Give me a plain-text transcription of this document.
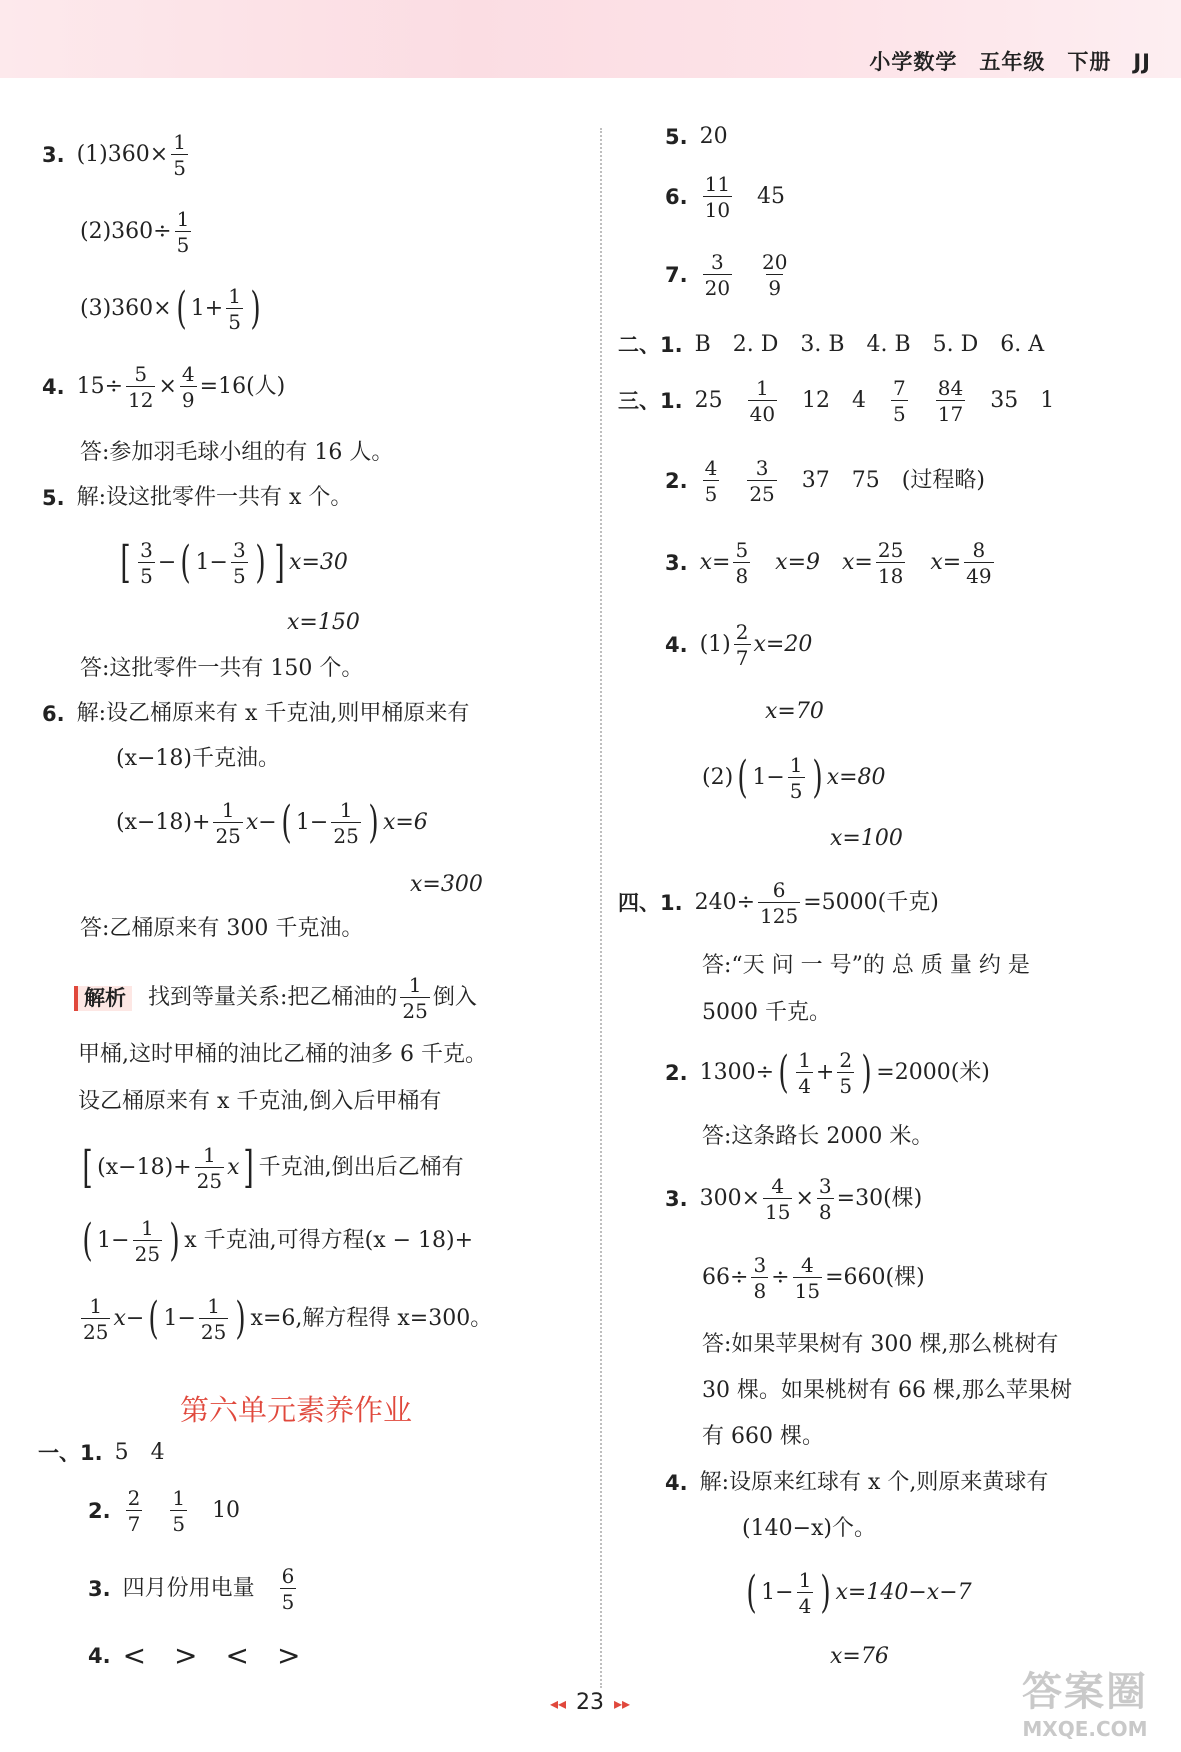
小学数学 五年级 下册 JJ
3. $(1)360\times \frac{1}{5}$
$(2)360\div \frac{1}{5}$
(3)360× ( $1+ \frac{1}{5}$ )
4. $15\div \frac{5}{12} \times \frac{4}{9} =16$(人)
答:参加羽毛球小组的有 16 人。
5. 解:设这批零件一共有 x 个。
[ 3
5
− ( $1- \frac{3}{5}$ ) ] x=30
x=150
答:这批零件一共有 150 个。
6. 解:设乙桶原来有 x 千克油,则甲桶原来有
(x−18)千克油。
$(x-18)+ \frac{1}{25} x-$ ( $1- \frac{1}{25}$ ) x=6
x=300
答:乙桶原来有 300 千克油。
解析 找到等量关系:把乙桶油的 1
25
倒入
甲桶,这时甲桶的油比乙桶的油多 6 千克。
设乙桶原来有 x 千克油,倒入后甲桶有
[ $(x-18)+ \frac{1}{25}$ x ] 千克油,倒出后乙桶有
( $1- \frac{1}{25}$ ) x 千克油,可得方程(x − 18)+
1
25
x− ( $1- \frac{1}{25}$ ) x=6,解方程得 x=300。
第六单元素养作业
一、1. 5 4
2.
2
7
1
5
10
3. 四月份用电量 6
5
4. <　>　<　>
5. 20
6.
11
10
45
7.
3
20
20
9
二、1. B　2. D　3. B　4. B　5. D　6. A
三、1. 25 1
40
12 4 7
5
84
17
35 1
2.
4
5
3
25
37 75 (过程略)
3. $x= \frac{5}{8} x=9$ $x= \frac{25}{18} x= \frac{8}{49}$
4. (1) 2
7
x=20
x=70
(2) ( $1- \frac{1}{5}$ ) x=80
x=100
四、1. $240\div \frac{6}{125} =5000$(千克)
答:“天 问 一 号”的 总 质 量 约 是
5000 千克。
2. 1300÷ ( 1
4
+ $\frac{2}{5}$ ) =2000(米)
答:这条路长 2000 米。
3. $300\times \frac{4}{15} \times \frac{3}{8} =30$(棵)
$66\div \frac{3}{8} \div \frac{4}{15} =660$(棵)
答:如果苹果树有 300 棵,那么桃树有
30 棵。如果桃树有 66 棵,那么苹果树
有 660 棵。
4. 解:设原来红球有 x 个,则原来黄球有
(140−x)个。
( $1- \frac{1}{4}$ ) x=140−x−7
x=76
◂◂ 23 ▸▸	答案圈
MXQE.COM
